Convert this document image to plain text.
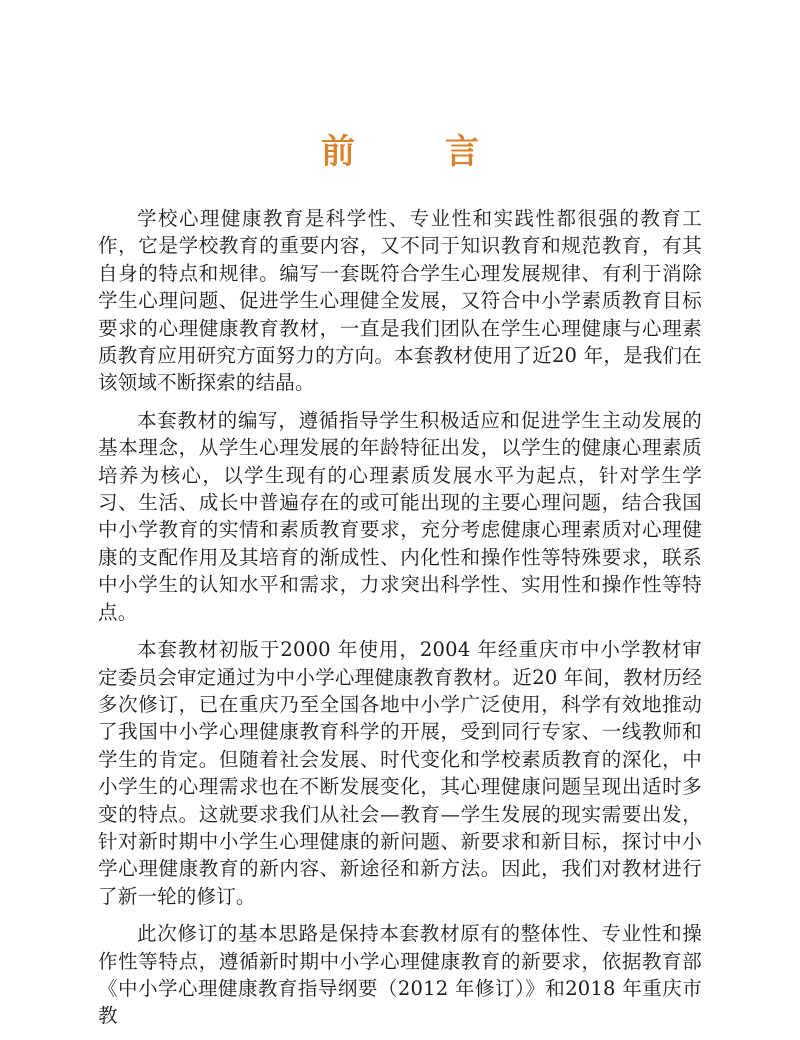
前　言

学校心理健康教育是科学性、专业性和实践性都很强的教育工作，它是学校教育的重要内容，又不同于知识教育和规范教育，有其自身的特点和规律。编写一套既符合学生心理发展规律、有利于消除学生心理问题、促进学生心理健全发展，又符合中小学素质教育目标要求的心理健康教育教材，一直是我们团队在学生心理健康与心理素质教育应用研究方面努力的方向。本套教材使用了近20 年，是我们在该领域不断探索的结晶。

本套教材的编写，遵循指导学生积极适应和促进学生主动发展的基本理念，从学生心理发展的年龄特征出发，以学生的健康心理素质培养为核心，以学生现有的心理素质发展水平为起点，针对学生学习、生活、成长中普遍存在的或可能出现的主要心理问题，结合我国中小学教育的实情和素质教育要求，充分考虑健康心理素质对心理健康的支配作用及其培育的渐成性、内化性和操作性等特殊要求，联系中小学生的认知水平和需求，力求突出科学性、实用性和操作性等特点。

本套教材初版于2000 年使用，2004 年经重庆市中小学教材审定委员会审定通过为中小学心理健康教育教材。近20 年间，教材历经多次修订，已在重庆乃至全国各地中小学广泛使用，科学有效地推动了我国中小学心理健康教育科学的开展，受到同行专家、一线教师和学生的肯定。但随着社会发展、时代变化和学校素质教育的深化，中小学生的心理需求也在不断发展变化，其心理健康问题呈现出适时多变的特点。这就要求我们从社会—教育—学生发展的现实需要出发，针对新时期中小学生心理健康的新问题、新要求和新目标，探讨中小学心理健康教育的新内容、新途径和新方法。因此，我们对教材进行了新一轮的修订。

此次修订的基本思路是保持本套教材原有的整体性、专业性和操作性等特点，遵循新时期中小学心理健康教育的新要求，依据教育部《中小学心理健康教育指导纲要（2012 年修订）》和2018 年重庆市教
